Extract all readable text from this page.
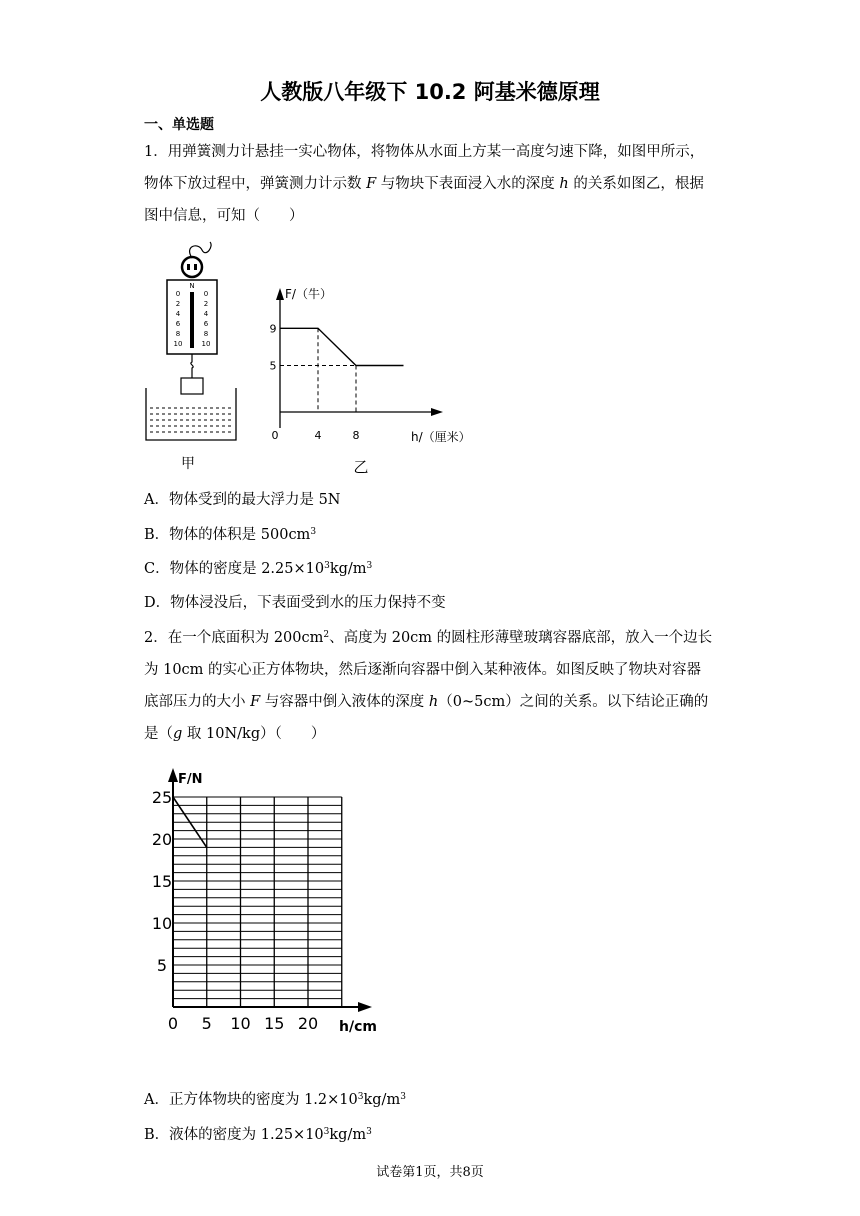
人教版八年级下 10.2 阿基米德原理
一、单选题
1．用弹簧测力计悬挂一实心物体，将物体从水面上方某一高度匀速下降，如图甲所示，
物体下放过程中，弹簧测力计示数 F 与物块下表面浸入水的深度 h 的关系如图乙，根据
图中信息，可知（　　）
N
0
2
4
6
8
10
0
2
4
6
8
10
甲
F/（牛）
h/（厘米）
乙
0	4	8
9
5
A．物体受到的最大浮力是 5N
B．物体的体积是 $500cm^3$
C．物体的密度是 $2.25\times 10^3kg/m^3$
D．物体浸没后，下表面受到水的压力保持不变
2．在一个底面积为 $200cm^2$、高度为 20cm 的圆柱形薄壁玻璃容器底部，放入一个边长
为 10cm 的实心正方体物块，然后逐渐向容器中倒入某种液体。如图反映了物块对容器
底部压力的大小 F 与容器中倒入液体的深度 h（0~5cm）之间的关系。以下结论正确的
是（g 取 10N/kg）（　　）
F/N
h/cm
0 5 10 15 20
25
20
15
10
5
A．正方体物块的密度为 $1.2\times 10^3kg/m^3$
B．液体的密度为 $1.25\times 10^3kg/m^3$
试卷第1页，共8页
